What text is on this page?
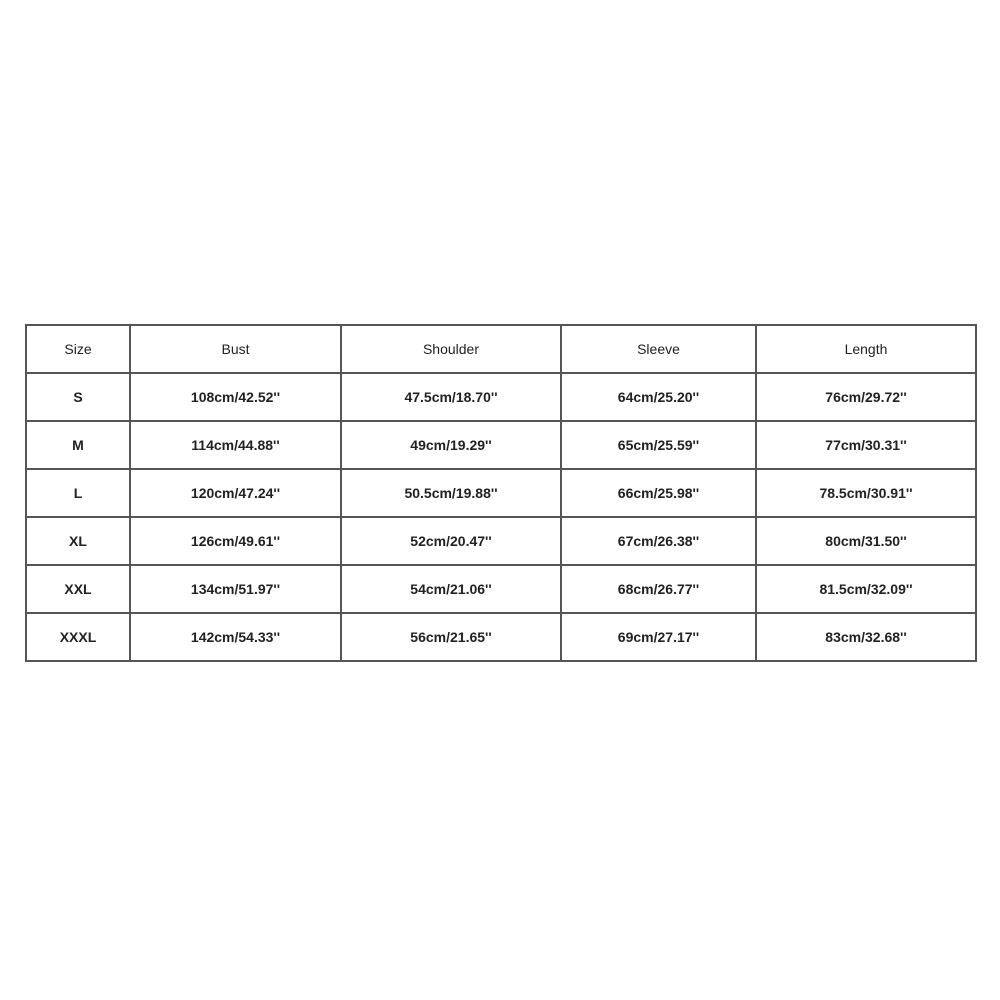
Size	Bust	Shoulder	Sleeve	Length
S	108cm/42.52''	47.5cm/18.70''	64cm/25.20''	76cm/29.72''
M	114cm/44.88''	49cm/19.29''	65cm/25.59''	77cm/30.31''
L	120cm/47.24''	50.5cm/19.88''	66cm/25.98''	78.5cm/30.91''
XL	126cm/49.61''	52cm/20.47''	67cm/26.38''	80cm/31.50''
XXL	134cm/51.97''	54cm/21.06''	68cm/26.77''	81.5cm/32.09''
XXXL	142cm/54.33''	56cm/21.65''	69cm/27.17''	83cm/32.68''
